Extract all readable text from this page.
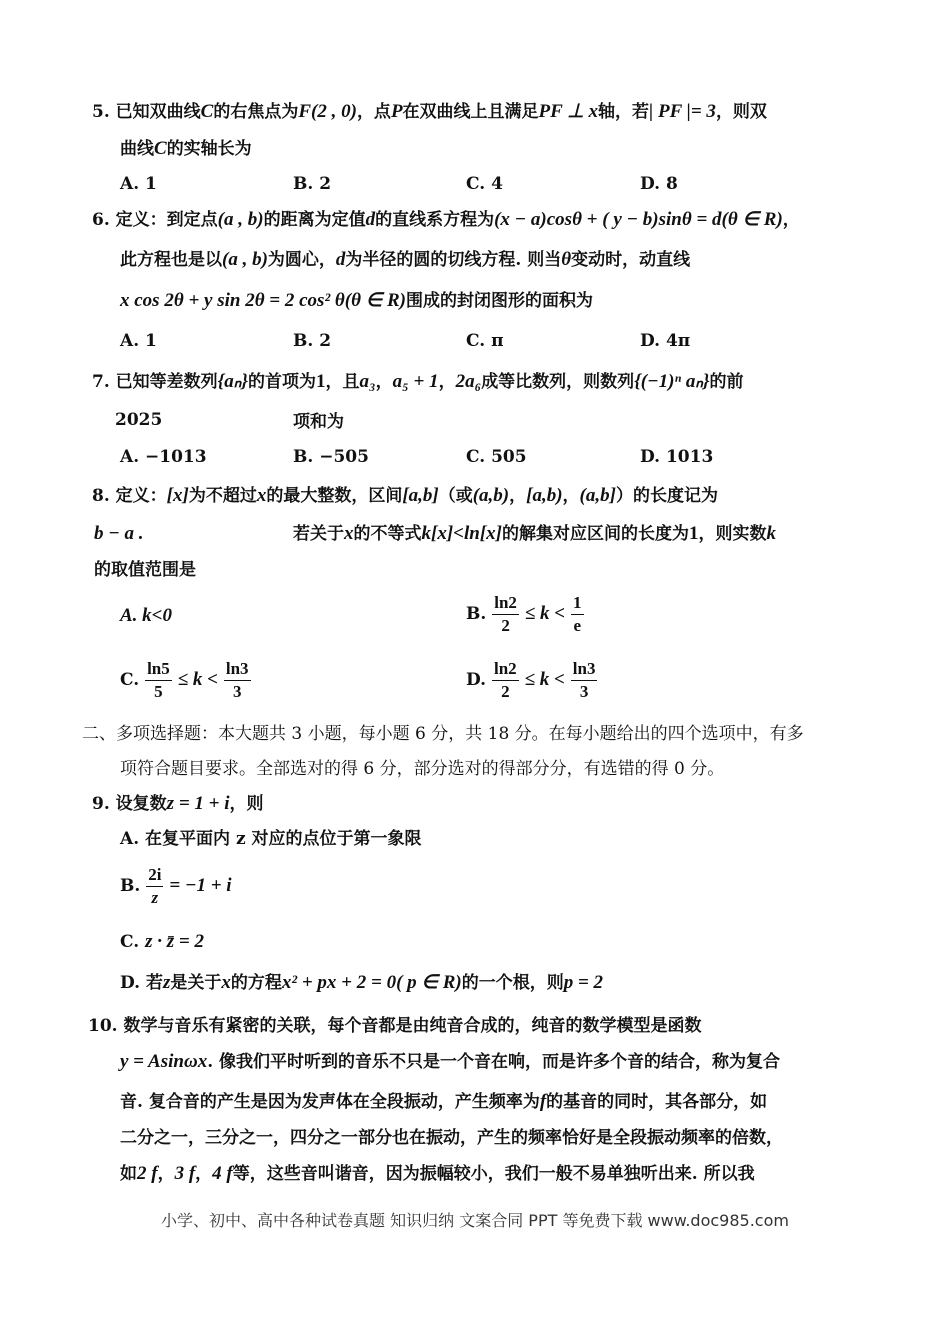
5. 已知双曲线C的右焦点为F(2 , 0)，点P在双曲线上且满足PF ⊥ x轴，若| PF |= 3，则双
曲线C的实轴长为
A. 1	B. 2	C. 4	D. 8
6. 定义：到定点(a , b)的距离为定值d的直线系方程为(x − a)cosθ + ( y − b)sinθ = d(θ ∈ R)，
此方程也是以(a , b)为圆心，d为半径的圆的切线方程. 则当θ变动时，动直线
x cos 2θ + y sin 2θ = 2 cos² θ(θ ∈ R)围成的封闭图形的面积为
A. 1	B. 2	C. π	D. 4π
7. 已知等差数列{aₙ}的首项为1，且a₃，a₅ + 1，2a₆成等比数列，则数列{(−1)ⁿ aₙ}的前
2025	项和为
A. −1013	B. −505	C. 505	D. 1013
8. 定义：[x]为不超过x的最大整数，区间[a,b]（或(a,b)，[a,b)，(a,b]）的长度记为
b − a .	若关于x的不等式k[x]<ln[x]的解集对应区间的长度为1，则实数k
的取值范围是
A. k<0	B. $\frac{\ln 2}{2} \le k < \frac{1}{e}$
C. $\frac{\ln 5}{5} \le k < \frac{\ln 3}{3}$	D. $\frac{\ln 2}{2} \le k < \frac{\ln 3}{3}$
二、多项选择题：本大题共 3 小题，每小题 6 分，共 18 分。在每小题给出的四个选项中，有多
项符合题目要求。全部选对的得 6 分，部分选对的得部分分，有选错的得 0 分。
9. 设复数z = 1 + i，则
A. 在复平面内 z 对应的点位于第一象限
B. $\frac{2i}{z} = -1 + i$
C. z · z̄ = 2
D. 若z是关于x的方程x² + px + 2 = 0( p ∈ R)的一个根，则p = 2
10. 数学与音乐有紧密的关联，每个音都是由纯音合成的，纯音的数学模型是函数
y = Asinωx. 像我们平时听到的音乐不只是一个音在响，而是许多个音的结合，称为复合
音. 复合音的产生是因为发声体在全段振动，产生频率为f的基音的同时，其各部分，如
二分之一，三分之一，四分之一部分也在振动，产生的频率恰好是全段振动频率的倍数，
如2 f，3 f，4 f等，这些音叫谐音，因为振幅较小，我们一般不易单独听出来. 所以我
小学、初中、高中各种试卷真题 知识归纳 文案合同 PPT 等免费下载 www.doc985.com
